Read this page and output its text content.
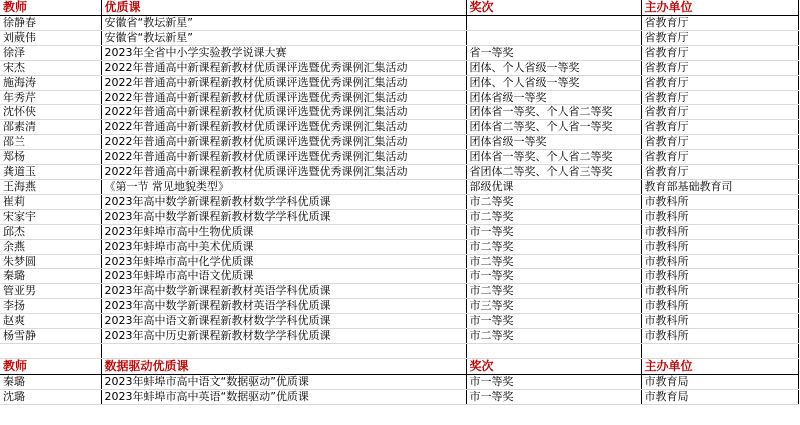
教师	优质课	奖次	主办单位
徐静春	安徽省“教坛新星”		省教育厅
刘葳伟	安徽省“教坛新星”		省教育厅
徐泽	2023年全省中小学实验教学说课大赛	省一等奖	省教育厅
宋杰	2022年普通高中新课程新教材优质课评选暨优秀课例汇集活动	团体、个人省级一等奖	省教育厅
施海涛	2022年普通高中新课程新教材优质课评选暨优秀课例汇集活动	团体、个人省级一等奖	省教育厅
年秀芹	2022年普通高中新课程新教材优质课评选暨优秀课例汇集活动	团体省级一等奖	省教育厅
沈怀侠	2022年普通高中新课程新教材优质课评选暨优秀课例汇集活动	团体省一等奖、个人省二等奖	省教育厅
邵素清	2022年普通高中新课程新教材优质课评选暨优秀课例汇集活动	团体省二等奖、个人省一等奖	省教育厅
邵兰	2022年普通高中新课程新教材优质课评选暨优秀课例汇集活动	团体省级一等奖	省教育厅
郑杨	2022年普通高中新课程新教材优质课评选暨优秀课例汇集活动	团体省一等奖、个人省二等奖	省教育厅
龚道玉	2022年普通高中新课程新教材优质课评选暨优秀课例汇集活动	省团体二等奖、个人省三等奖	省教育厅
王海燕	《第一节 常见地貌类型》	部级优课	教育部基础教育司
崔莉	2023年高中数学新课程新教材数学学科优质课	市二等奖	市教科所
宋家宇	2023年高中数学新课程新教材数学学科优质课	市二等奖	市教科所
邱杰	2023年蚌埠市高中生物优质课	市一等奖	市教科所
余燕	2023年蚌埠市高中美术优质课	市二等奖	市教科所
朱梦圆	2023年蚌埠市高中化学优质课	市二等奖	市教科所
秦璐	2023年蚌埠市高中语文优质课	市一等奖	市教科所
管亚男	2023年高中数学新课程新教材英语学科优质课	市二等奖	市教科所
李扬	2023年高中数学新课程新教材英语学科优质课	市三等奖	市教科所
赵爽	2023年高中语文新课程新教材数学学科优质课	市一等奖	市教科所
杨雪静	2023年高中历史新课程新教材数学学科优质课	市二等奖	市教科所

教师	数据驱动优质课	奖次	主办单位
秦璐	2023年蚌埠市高中语文“数据驱动”优质课	市一等奖	市教育局
沈璐	2023年蚌埠市高中英语“数据驱动”优质课	市一等奖	市教育局
